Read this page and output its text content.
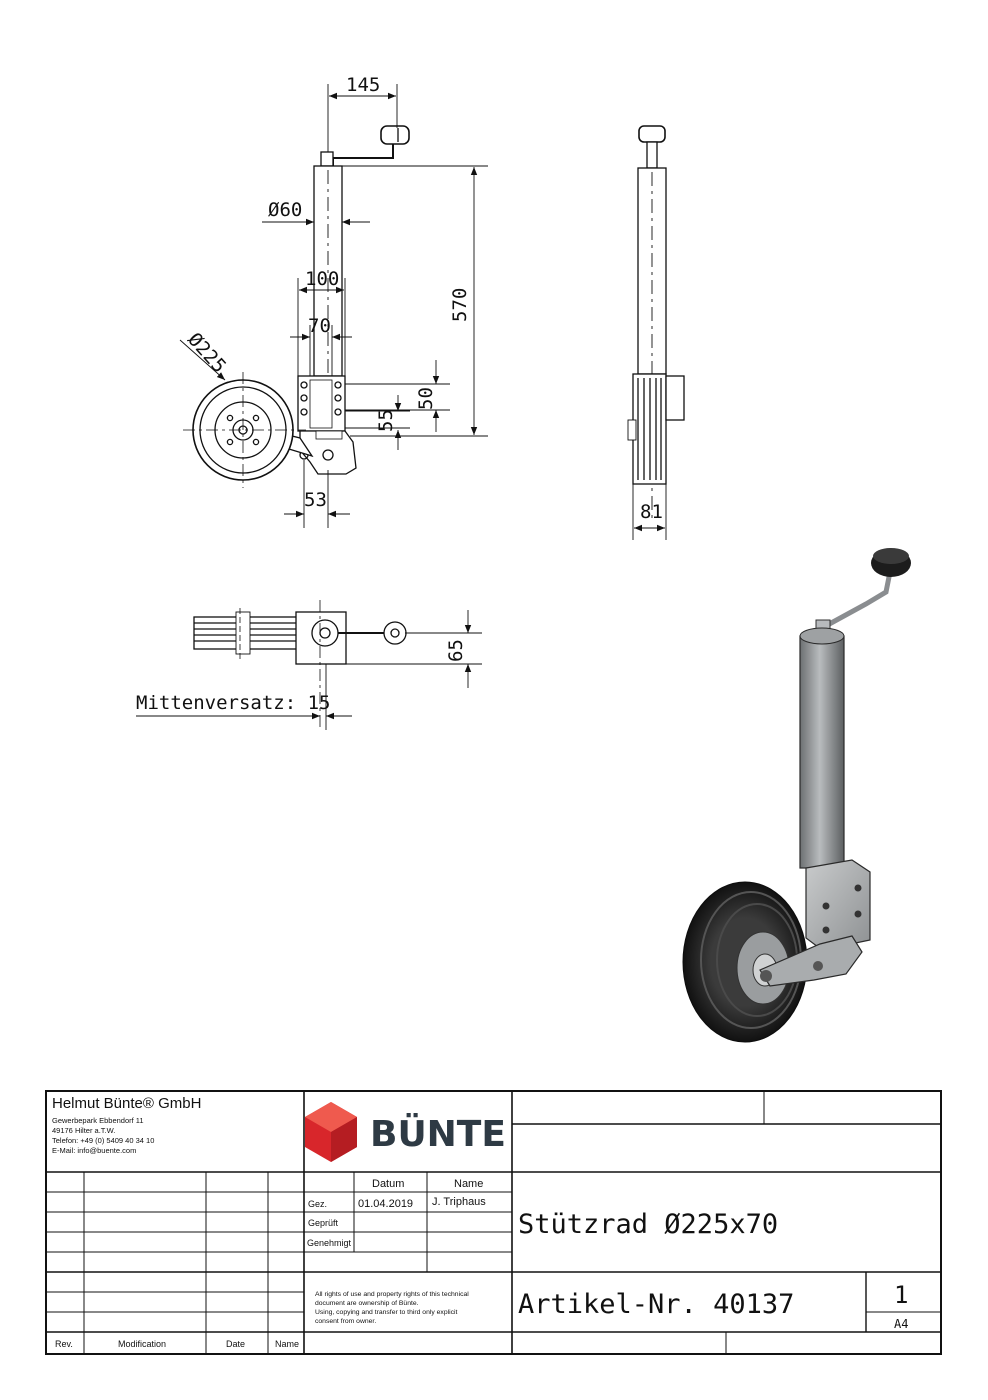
145
Ø60
100
70
Ø225
570
50
55
53
81
65
Mittenversatz: 15
BÜNTE
Helmut Bünte® GmbH
Gewerbepark Ebbendorf 11
49176 Hilter a.T.W.
Telefon: +49 (0) 5409 40 34 10
E-Mail: info@buente.com
Datum	Name
Gez.	01.04.2019 J. Triphaus
Geprüft
Genehmigt
All rights of use and property rights of this technical
document are ownership of Bünte.
Using, copying and transfer to third only explicit
consent from owner.
Stützrad Ø225x70
Artikel-Nr. 40137	1
A4
Rev.	Modification	Date	Name
